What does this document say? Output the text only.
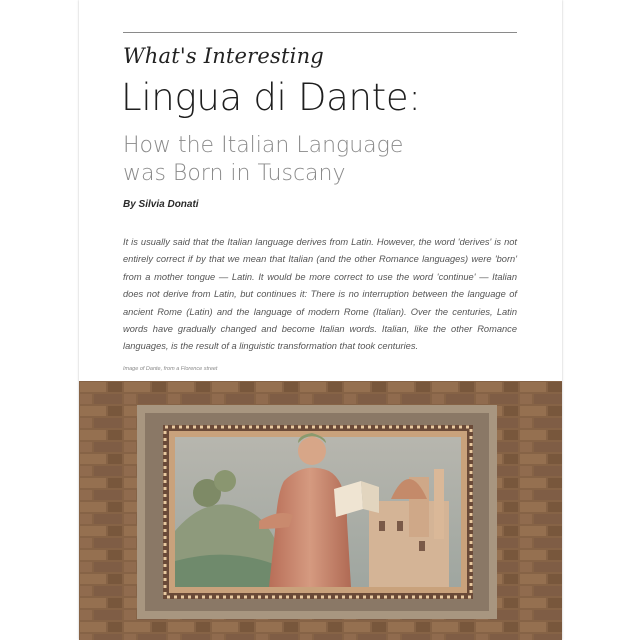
What's Interesting
Lingua di Dante:
How the Italian Language
was Born in Tuscany
By Silvia Donati
It is usually said that the Italian language derives from Latin. However, the word 'derives' is not entirely correct if by that we mean that Italian (and the other Romance languages) were 'born' from a mother tongue — Latin. It would be more correct to use the word 'continue' — Italian does not derive from Latin, but continues it: There is no interruption between the language of ancient Rome (Latin) and the language of modern Rome (Italian). Over the centuries, Latin words have gradually changed and become Italian words. Italian, like the other Romance languages, is the result of a linguistic transformation that took centuries.
Image of Dante, from a Florence street
